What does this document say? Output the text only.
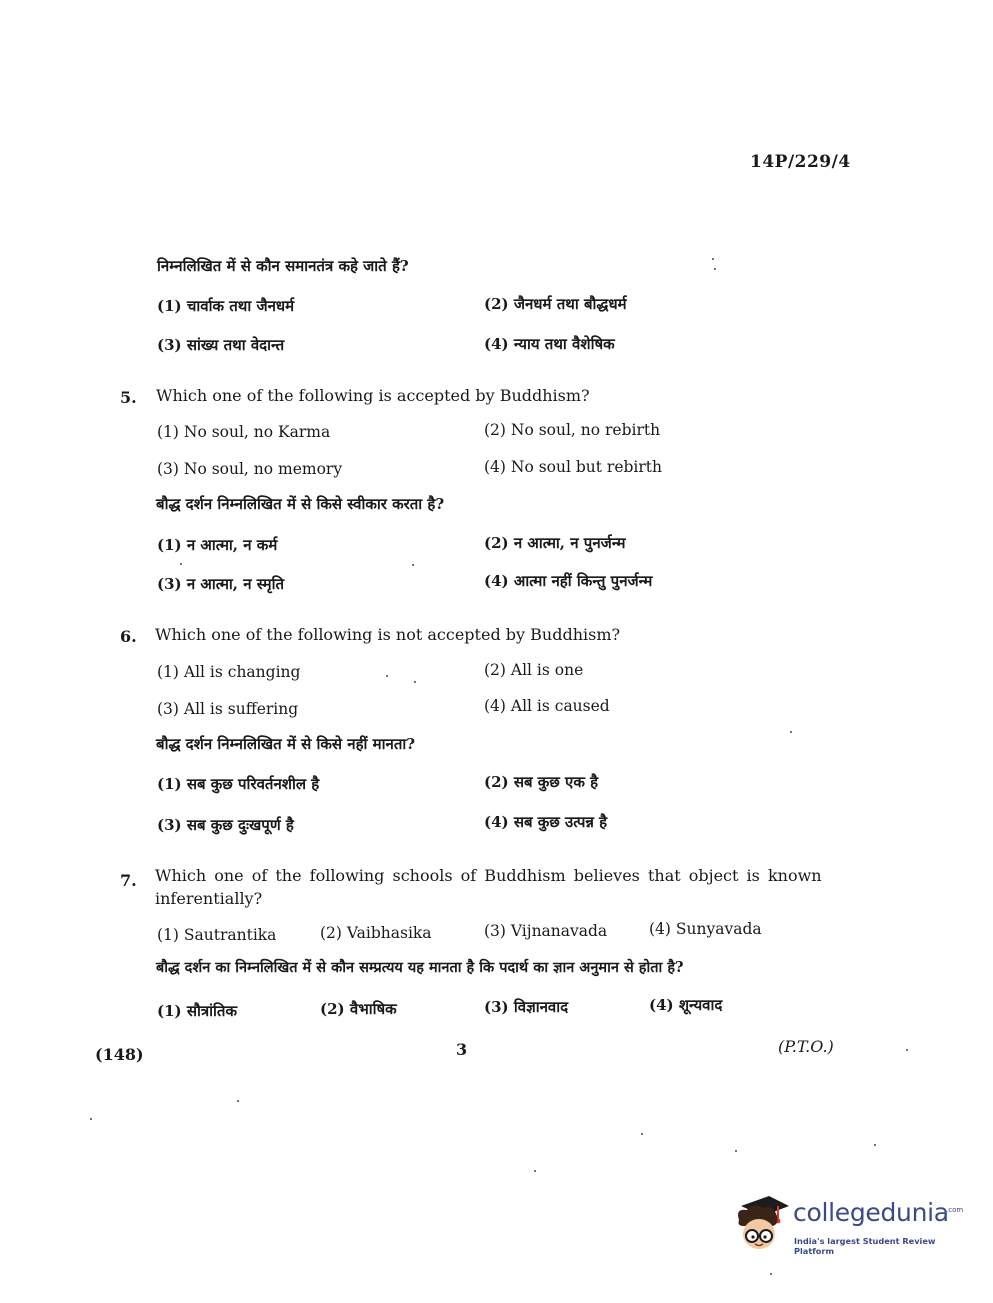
14P/229/4
निम्नलिखित में से कौन समानतंत्र कहे जाते हैं?
(1) चार्वाक तथा जैनधर्म	(2) जैनधर्म तथा बौद्धधर्म
(3) सांख्य तथा वेदान्त	(4) न्याय तथा वैशेषिक
5. Which one of the following is accepted by Buddhism?
(1) No soul, no Karma	(2) No soul, no rebirth
(3) No soul, no memory	(4) No soul but rebirth
बौद्ध दर्शन निम्नलिखित में से किसे स्वीकार करता है?
(1) न आत्मा, न कर्म	(2) न आत्मा, न पुनर्जन्म
(3) न आत्मा, न स्मृति	(4) आत्मा नहीं किन्तु पुनर्जन्म
6. Which one of the following is not accepted by Buddhism?
(1) All is changing	(2) All is one
(3) All is suffering	(4) All is caused
बौद्ध दर्शन निम्नलिखित में से किसे नहीं मानता?
(1) सब कुछ परिवर्तनशील है	(2) सब कुछ एक है
(3) सब कुछ दुःखपूर्ण है	(4) सब कुछ उत्पन्न है
7. Which one of the following schools of Buddhism believes that object is known
inferentially?
(1) Sautrantika	(2) Vaibhasika	(3) Vijnanavada	(4) Sunyavada
बौद्ध दर्शन का निम्नलिखित में से कौन सम्प्रत्यय यह मानता है कि पदार्थ का ज्ञान अनुमान से होता है?
(1) सौत्रांतिक	(2) वैभाषिक	(3) विज्ञानवाद	(4) शून्यवाद
(148)	3	(P.T.O.)
collegedunia
.com
India's largest Student Review Platform
